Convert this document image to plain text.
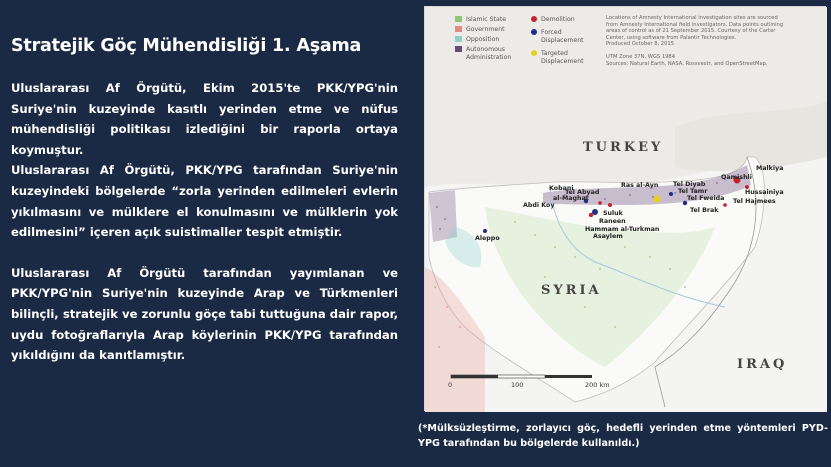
Stratejik Göç Mühendisliği 1. Aşama

Uluslararası Af Örgütü, Ekim 2015'te PKK/YPG'nin Suriye'nin kuzeyinde kasıtlı yerinden etme ve nüfus mühendisliği politikası izlediğini bir raporla ortaya koymuştur.

Uluslararası Af Örgütü, PKK/YPG tarafından Suriye'nin kuzeyindeki bölgelerde “zorla yerinden edilmeleri evlerin yıkılmasını ve mülklere el konulmasını ve mülklerin yok edilmesini” içeren açık suistimaller tespit etmiştir.

Uluslararası Af Örgütü tarafından yayımlanan ve PKK/YPG'nin Suriye'nin kuzeyinde Arap ve Türkmenleri bilinçli, stratejik ve zorunlu göçe tabi tuttuğuna dair rapor, uydu fotoğraflarıyla Arap köylerinin PKK/YPG tarafından yıkıldığını da kanıtlamıştır.

Islamic State
Government
Opposition
Autonomous
Administration
Demolition
Forced
Displacement
Targeted
Displacement
Locations of Amnesty International investigation sites are sourced
from Amnesty International field investigators. Data points outlining
areas of control as of 21 September 2015. Courtesy of the Carter
Center, using software from Palantir Technologies.
Produced October 8, 2015
UTM Zone 37N, WGS 1984
Sources: Natural Earth, NASA, Rossvestr, and OpenStreetMap.
TURKEY
SYRIA
IRAQ
Kobani
Abdi Koy
Tel Abyad
al-Maghat
Ras al-Ayn
Suluk
Raneen
Hammam al-Turkman
Asaylem
Aleppo
Tel Diyab
Tel Tamr
Tel Fweida
Tel Brak
Qamishli
Malkiya
Hussainiya
Tel Hajmees
0	100	200 km
(*Mülksüzleştirme, zorlayıcı göç, hedefli yerinden etme yöntemleri PYD-YPG tarafından bu bölgelerde kullanıldı.)
